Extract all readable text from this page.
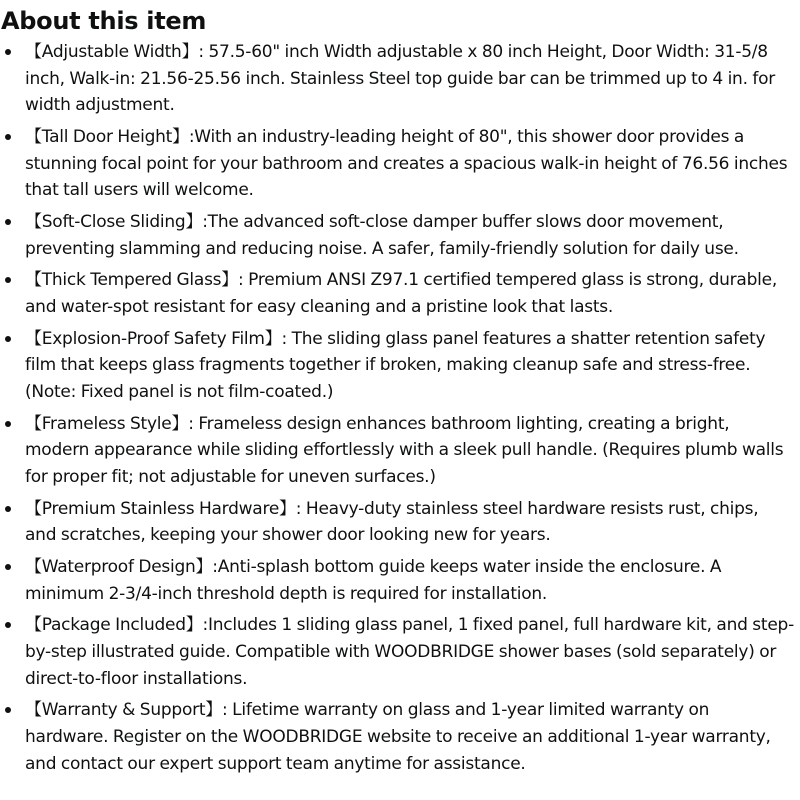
About this item
【Adjustable Width】: 57.5-60" inch Width adjustable x 80 inch Height, Door Width: 31-5/8 inch, Walk-in: 21.56-25.56 inch. Stainless Steel top guide bar can be trimmed up to 4 in. for width adjustment.
【Tall Door Height】:With an industry-leading height of 80", this shower door provides a stunning focal point for your bathroom and creates a spacious walk-in height of 76.56 inches that tall users will welcome.
【Soft-Close Sliding】:The advanced soft-close damper buffer slows door movement, preventing slamming and reducing noise. A safer, family-friendly solution for daily use.
【Thick Tempered Glass】: Premium ANSI Z97.1 certified tempered glass is strong, durable, and water-spot resistant for easy cleaning and a pristine look that lasts.
【Explosion-Proof Safety Film】: The sliding glass panel features a shatter retention safety film that keeps glass fragments together if broken, making cleanup safe and stress-free. (Note: Fixed panel is not film-coated.)
【Frameless Style】: Frameless design enhances bathroom lighting, creating a bright, modern appearance while sliding effortlessly with a sleek pull handle. (Requires plumb walls for proper fit; not adjustable for uneven surfaces.)
【Premium Stainless Hardware】: Heavy-duty stainless steel hardware resists rust, chips, and scratches, keeping your shower door looking new for years.
【Waterproof Design】:Anti-splash bottom guide keeps water inside the enclosure. A minimum 2-3/4-inch threshold depth is required for installation.
【Package Included】:Includes 1 sliding glass panel, 1 fixed panel, full hardware kit, and step-by-step illustrated guide. Compatible with WOODBRIDGE shower bases (sold separately) or direct-to-floor installations.
【Warranty & Support】: Lifetime warranty on glass and 1-year limited warranty on hardware. Register on the WOODBRIDGE website to receive an additional 1-year warranty, and contact our expert support team anytime for assistance.
